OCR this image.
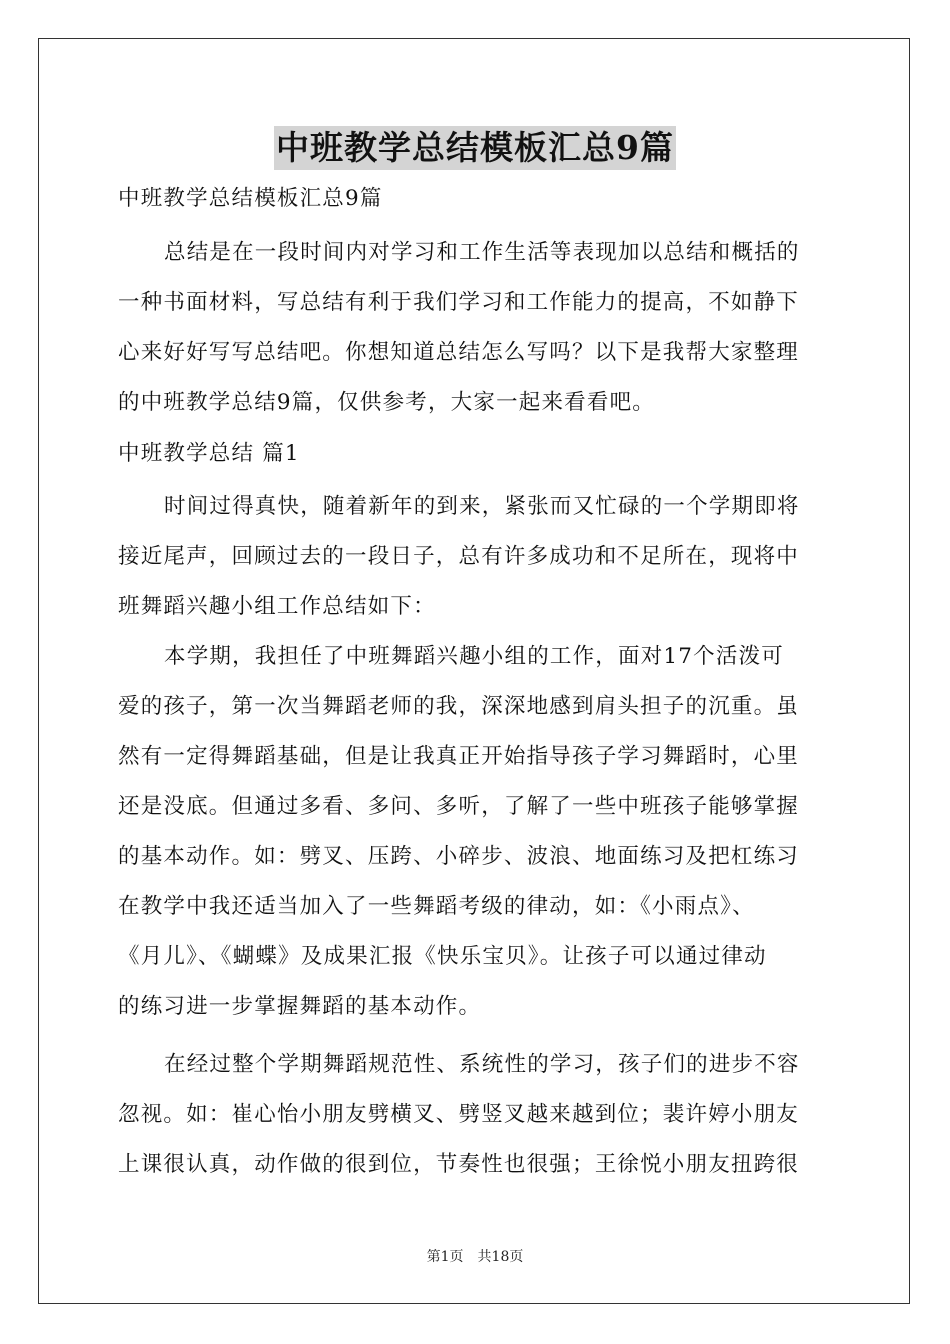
中班教学总结模板汇总9篇
中班教学总结模板汇总9篇
总结是在一段时间内对学习和工作生活等表现加以总结和概括的
一种书面材料，写总结有利于我们学习和工作能力的提高，不如静下
心来好好写写总结吧。你想知道总结怎么写吗？以下是我帮大家整理
的中班教学总结9篇，仅供参考，大家一起来看看吧。
中班教学总结 篇1
时间过得真快，随着新年的到来，紧张而又忙碌的一个学期即将
接近尾声，回顾过去的一段日子，总有许多成功和不足所在，现将中
班舞蹈兴趣小组工作总结如下：
本学期，我担任了中班舞蹈兴趣小组的工作，面对17个活泼可
爱的孩子，第一次当舞蹈老师的我，深深地感到肩头担子的沉重。虽
然有一定得舞蹈基础，但是让我真正开始指导孩子学习舞蹈时，心里
还是没底。但通过多看、多问、多听，了解了一些中班孩子能够掌握
的基本动作。如：劈叉、压跨、小碎步、波浪、地面练习及把杠练习
在教学中我还适当加入了一些舞蹈考级的律动，如：《小雨点》、
《月儿》、《蝴蝶》及成果汇报《快乐宝贝》。让孩子可以通过律动
的练习进一步掌握舞蹈的基本动作。
在经过整个学期舞蹈规范性、系统性的学习，孩子们的进步不容
忽视。如：崔心怡小朋友劈横叉、劈竖叉越来越到位；裴许婷小朋友
上课很认真，动作做的很到位，节奏性也很强；王徐悦小朋友扭跨很
第1页　共18页
